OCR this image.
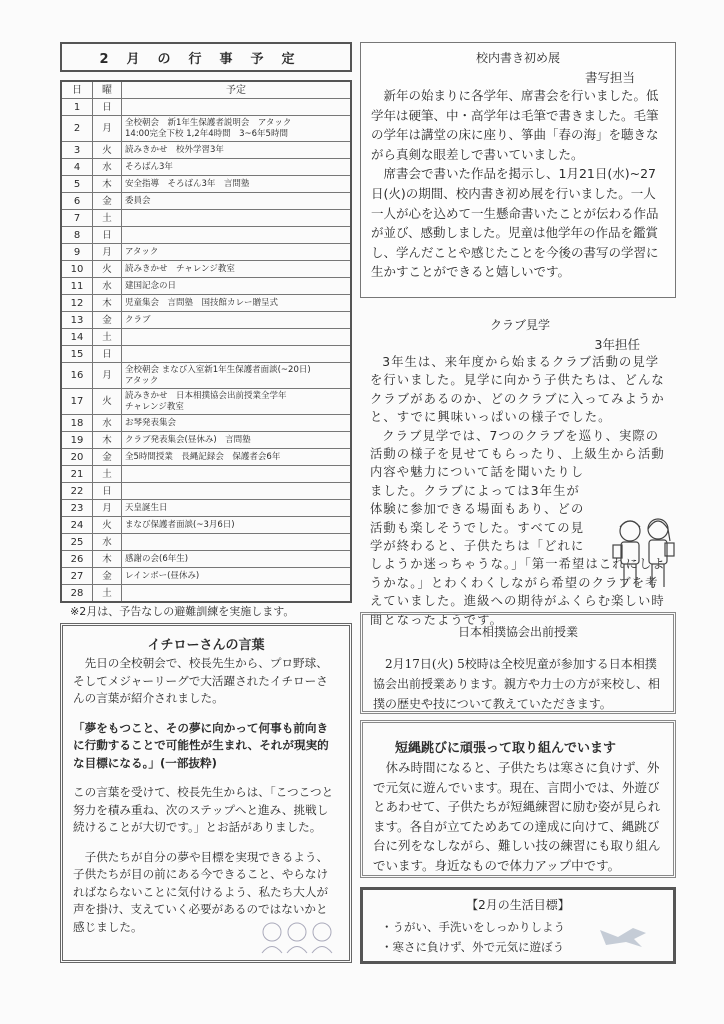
2月の行事予定
日	曜	予定
1	日	
2	月	全校朝会　新1年生保護者説明会　アタック
14:00完全下校 1,2年4時間　3~6年5時間
3	火	読みきかせ　校外学習3年
4	水	そろばん3年
5	木	安全指導　そろばん3年　言問塾
6	金	委員会
7	土	
8	日	
9	月	アタック
10	火	読みきかせ　チャレンジ教室
11	水	建国記念の日
12	木	児童集会　言問塾　国技館カレー贈呈式
13	金	クラブ
14	土	
15	日	
16	月	全校朝会 まなび入室新1年生保護者面談(~20日)
アタック
17	火	読みきかせ　日本相撲協会出前授業全学年
チャレンジ教室
18	水	お琴発表集会
19	木	クラブ発表集会(昼休み)　言問塾
20	金	全5時間授業　長縄記録会　保護者会6年
21	土	
22	日	
23	月	天皇誕生日
24	火	まなび保護者面談(~3月6日)
25	水	
26	木	感謝の会(6年生)
27	金	レインボー(昼休み)
28	土	
※2月は、予告なしの避難訓練を実施します。
校内書き初め展
書写担当

新年の始まりに各学年、席書会を行いました。低学年は硬筆、中・高学年は毛筆で書きました。毛筆の学年は講堂の床に座り、箏曲「春の海」を聴きながら真剣な眼差しで書いていました。

席書会で書いた作品を掲示し、1月21日(水)~27日(火)の期間、校内書き初め展を行いました。一人一人が心を込めて一生懸命書いたことが伝わる作品が並び、感動しました。児童は他学年の作品を鑑賞し、学んだことや感じたことを今後の書写の学習に生かすことができると嬉しいです。

クラブ見学
3年担任

3年生は、来年度から始まるクラブ活動の見学を行いました。見学に向かう子供たちは、どんなクラブがあるのか、どのクラブに入ってみようかと、すでに興味いっぱいの様子でした。

クラブ見学では、7つのクラブを巡り、実際の活動の様子を見せてもらったり、上級生から活動内容や魅力について話を聞いたりしました。クラブによっては3年生が体験に参加できる場面もあり、どの活動も楽しそうでした。すべての見学が終わると、子供たちは「どれにしようか迷っちゃうな。」「第一希望はこれにしようかな。」とわくわくしながら希望のクラブを考えていました。進級への期待がふくらむ楽しい時間となったようです。

イチローさんの言葉

先日の全校朝会で、校長先生から、プロ野球、そしてメジャーリーグで大活躍されたイチローさんの言葉が紹介されました。

「夢をもつこと、その夢に向かって何事も前向きに行動することで可能性が生まれ、それが現実的な目標になる。」(一部抜粋)

この言葉を受けて、校長先生からは、「こつこつと努力を積み重ね、次のステップへと進み、挑戦し続けることが大切です。」とお話がありました。

子供たちが自分の夢や目標を実現できるよう、子供たちが目の前にある今できること、やらなければならないことに気付けるよう、私たち大人が声を掛け、支えていく必要があるのではないかと感じました。

日本相撲協会出前授業

2月17日(火) 5校時は全校児童が参加する日本相撲協会出前授業あります。親方や力士の方が来校し、相撲の歴史や技について教えていただきます。

短縄跳びに頑張って取り組んでいます

休み時間になると、子供たちは寒さに負けず、外で元気に遊んでいます。現在、言問小では、外遊びとあわせて、子供たちが短縄練習に励む姿が見られます。各自が立てためあての達成に向けて、縄跳び台に列をなしながら、難しい技の練習にも取り組んでいます。身近なもので体力アップ中です。

【2月の生活目標】
・うがい、手洗いをしっかりしよう
・寒さに負けず、外で元気に遊ぼう
